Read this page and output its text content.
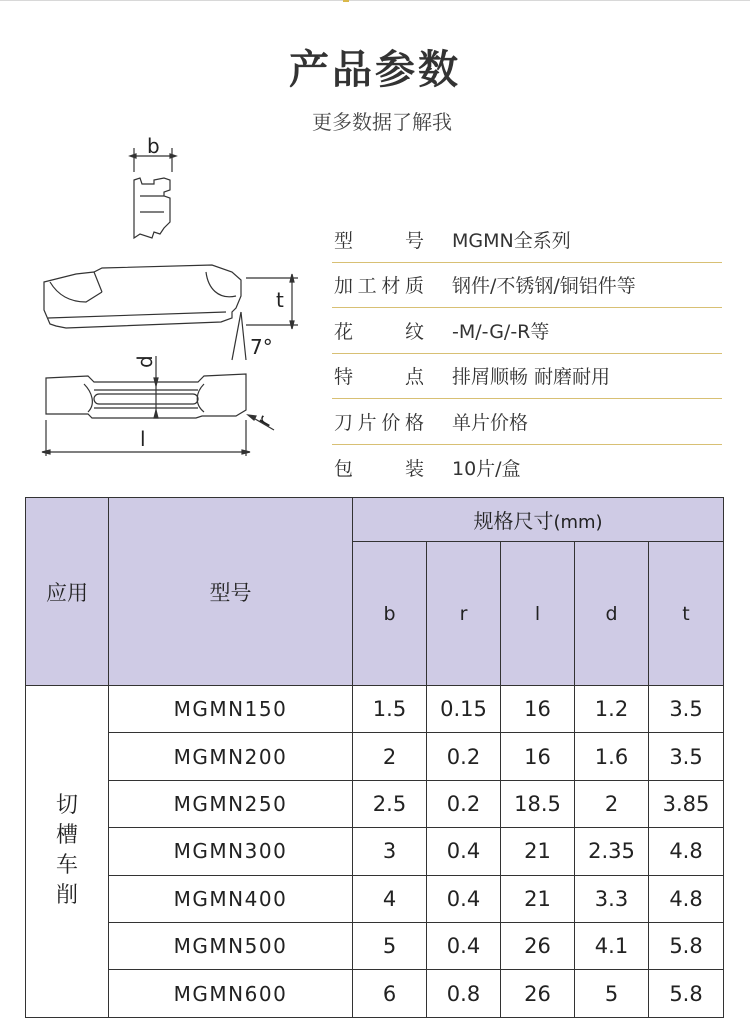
产品参数
更多数据了解我
b
t
7°
d
l
r
型号 MGMN全系列
加工材质 钢件/不锈钢/铜铝件等
花纹 -M/-G/-R等
特点 排屑顺畅 耐磨耐用
刀片价格 单片价格
包装 10片/盒
应用	型号	规格尺寸(mm)				
		b	r	l	d	t

切
槽
车
削	MGMN150	1.5	0.15	16	1.2	3.5
	MGMN200	2	0.2	16	1.6	3.5
	MGMN250	2.5	0.2	18.5	2	3.85
	MGMN300	3	0.4	21	2.35	4.8
	MGMN400	4	0.4	21	3.3	4.8
	MGMN500	5	0.4	26	4.1	5.8
	MGMN600	6	0.8	26	5	5.8
